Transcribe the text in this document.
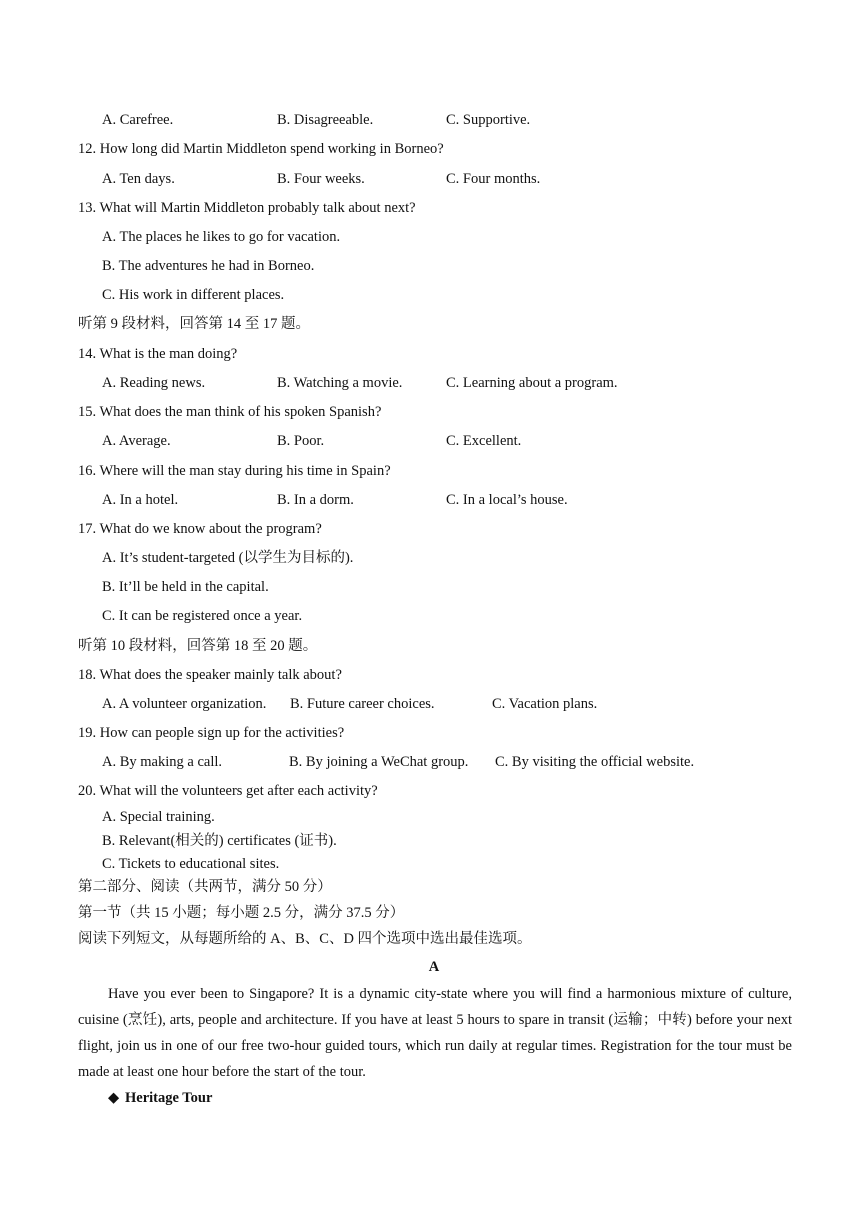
A. Carefree.	B. Disagreeable.	C. Supportive.
12. How long did Martin Middleton spend working in Borneo?
A. Ten days.	B. Four weeks.	C. Four months.
13. What will Martin Middleton probably talk about next?
A. The places he likes to go for vacation.
B. The adventures he had in Borneo.
C. His work in different places.
听第 9 段材料，回答第 14 至 17 题。
14. What is the man doing?
A. Reading news.	B. Watching a movie.	C. Learning about a program.
15. What does the man think of his spoken Spanish?
A. Average.	B. Poor.	C. Excellent.
16. Where will the man stay during his time in Spain?
A. In a hotel.	B. In a dorm.	C. In a local’s house.
17. What do we know about the program?
A. It’s student-targeted (以学生为目标的).
B. It’ll be held in the capital.
C. It can be registered once a year.
听第 10 段材料，回答第 18 至 20 题。
18. What does the speaker mainly talk about?
A. A volunteer organization. B. Future career choices.	C. Vacation plans.
19. How can people sign up for the activities?
A. By making a call.	B. By joining a WeChat group. C. By visiting the official website.
20. What will the volunteers get after each activity?
A. Special training.
B. Relevant(相关的) certificates (证书).
C. Tickets to educational sites.
第二部分、阅读（共两节，满分 50 分）
第一节（共 15 小题；每小题 2.5 分，满分 37.5 分）
阅读下列短文，从每题所给的 A、B、C、D 四个选项中选出最佳选项。
A
Have you ever been to Singapore? It is a dynamic city-state where you will find a harmonious mixture of culture, cuisine (烹饪), arts, people and architecture. If you have at least 5 hours to spare in transit (运输；中转) before your next flight, join us in one of our free two-hour guided tours, which run daily at regular times. Registration for the tour must be made at least one hour before the start of the tour.
◆ Heritage Tour
